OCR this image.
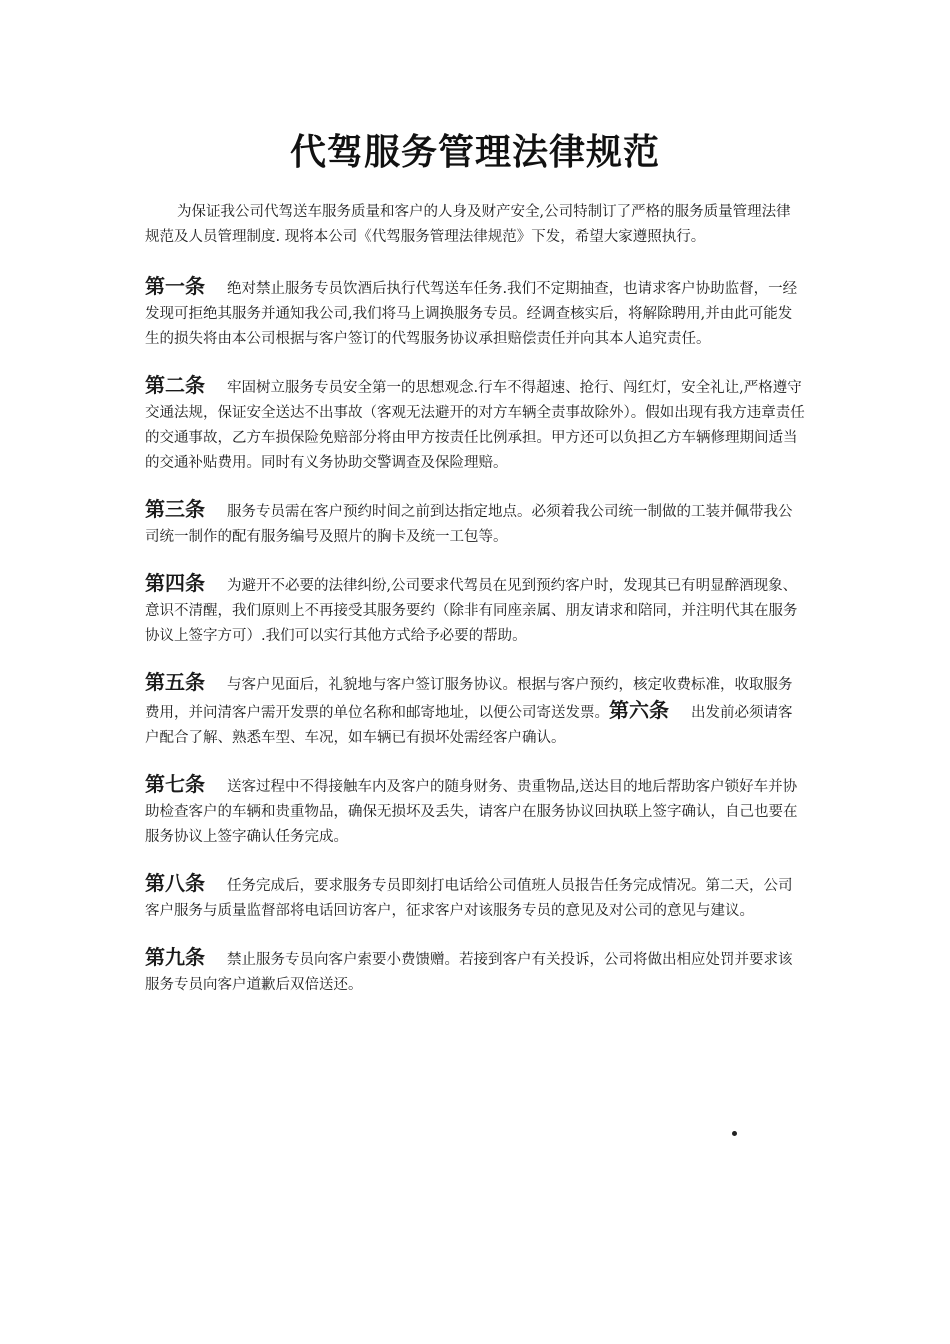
代驾服务管理法律规范

为保证我公司代驾送车服务质量和客户的人身及财产安全,公司特制订了严格的服务质量管理法律规范及人员管理制度. 现将本公司《代驾服务管理法律规范》下发，希望大家遵照执行。

第一条 绝对禁止服务专员饮酒后执行代驾送车任务.我们不定期抽查，也请求客户协助监督，一经发现可拒绝其服务并通知我公司,我们将马上调换服务专员。经调查核实后，将解除聘用,并由此可能发生的损失将由本公司根据与客户签订的代驾服务协议承担赔偿责任并向其本人追究责任。

第二条 牢固树立服务专员安全第一的思想观念.行车不得超速、抢行、闯红灯，安全礼让,严格遵守交通法规，保证安全送达不出事故（客观无法避开的对方车辆全责事故除外）。假如出现有我方违章责任的交通事故，乙方车损保险免赔部分将由甲方按责任比例承担。甲方还可以负担乙方车辆修理期间适当的交通补贴费用。同时有义务协助交警调查及保险理赔。

第三条 服务专员需在客户预约时间之前到达指定地点。必须着我公司统一制做的工装并佩带我公司统一制作的配有服务编号及照片的胸卡及统一工包等。

第四条 为避开不必要的法律纠纷,公司要求代驾员在见到预约客户时，发现其已有明显醉酒现象、意识不清醒，我们原则上不再接受其服务要约（除非有同座亲属、朋友请求和陪同，并注明代其在服务协议上签字方可）.我们可以实行其他方式给予必要的帮助。

第五条 与客户见面后，礼貌地与客户签订服务协议。根据与客户预约，核定收费标准，收取服务费用，并问清客户需开发票的单位名称和邮寄地址，以便公司寄送发票。第六条 出发前必须请客户配合了解、熟悉车型、车况，如车辆已有损坏处需经客户确认。

第七条 送客过程中不得接触车内及客户的随身财务、贵重物品,送达目的地后帮助客户锁好车并协助检查客户的车辆和贵重物品，确保无损坏及丢失，请客户在服务协议回执联上签字确认，自己也要在服务协议上签字确认任务完成。

第八条 任务完成后，要求服务专员即刻打电话给公司值班人员报告任务完成情况。第二天，公司客户服务与质量监督部将电话回访客户，征求客户对该服务专员的意见及对公司的意见与建议。

第九条 禁止服务专员向客户索要小费馈赠。若接到客户有关投诉，公司将做出相应处罚并要求该服务专员向客户道歉后双倍送还。
